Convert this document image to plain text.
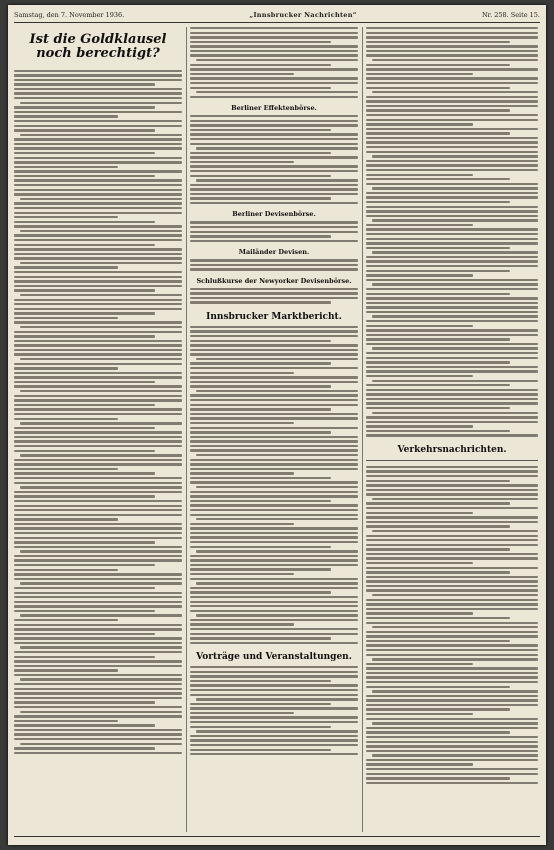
Samstag, den 7. November 1936.	„Innsbrucker Nachrichten“	Nr. 258. Seite 15.
Ist die Goldklausel noch berechtigt?
Berliner Effektenbörse.
Berliner Devisenbörse.
Mailänder Devisen.
Schlußkurse der Newyorker Devisenbörse.
Innsbrucker Marktbericht.
Vorträge und Veranstaltungen.
Verkehrsnachrichten.
